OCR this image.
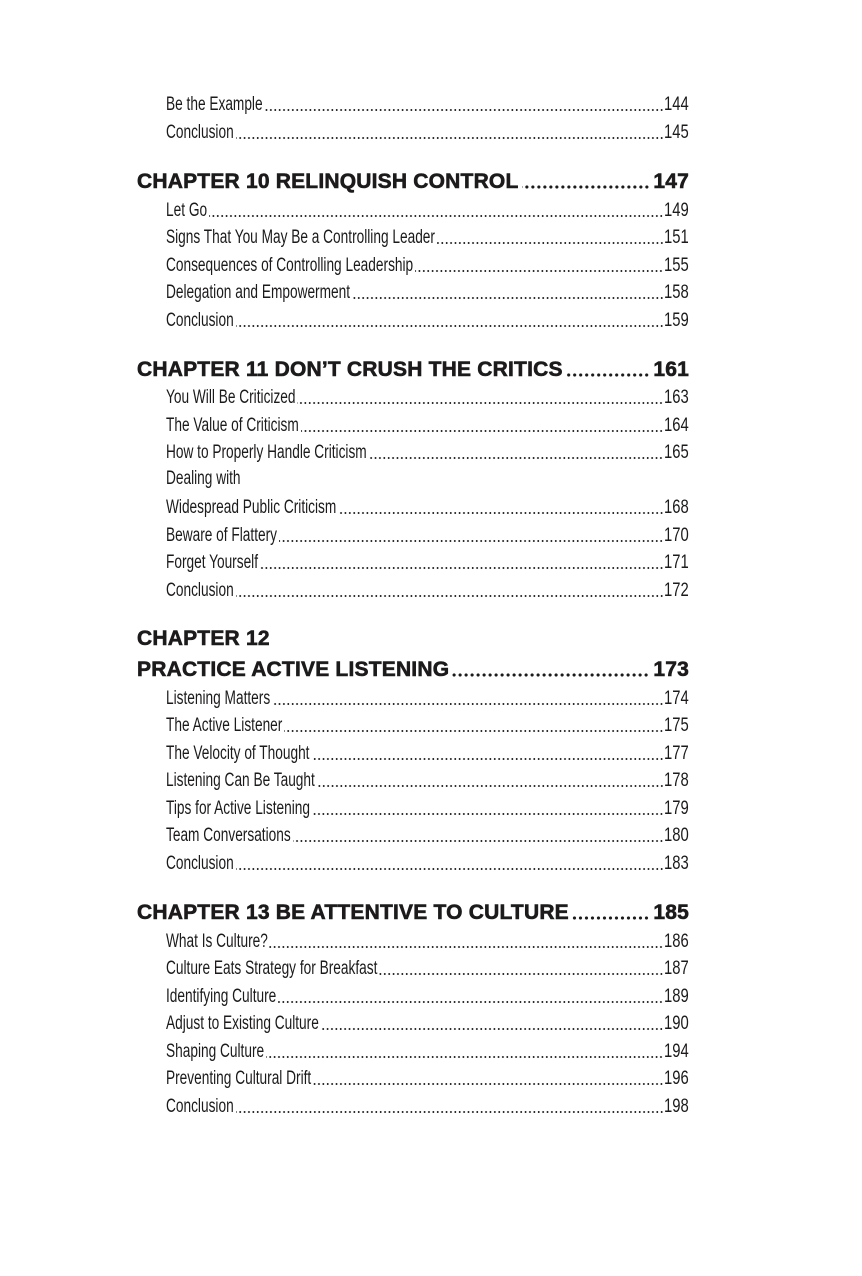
Be the Example	144
Conclusion	145
CHAPTER 10 RELINQUISH CONTROL	147
Let Go	149
Signs That You May Be a Controlling Leader	151
Consequences of Controlling Leadership	155
Delegation and Empowerment	158
Conclusion	159
CHAPTER 11 DON’T CRUSH THE CRITICS	161
You Will Be Criticized	163
The Value of Criticism	164
How to Properly Handle Criticism	165
Dealing with
Widespread Public Criticism	168
Beware of Flattery	170
Forget Yourself	171
Conclusion	172
CHAPTER 12
PRACTICE ACTIVE LISTENING	173
Listening Matters	174
The Active Listener	175
The Velocity of Thought	177
Listening Can Be Taught	178
Tips for Active Listening	179
Team Conversations	180
Conclusion	183
CHAPTER 13 BE ATTENTIVE TO CULTURE	185
What Is Culture?	186
Culture Eats Strategy for Breakfast	187
Identifying Culture	189
Adjust to Existing Culture	190
Shaping Culture	194
Preventing Cultural Drift	196
Conclusion	198
